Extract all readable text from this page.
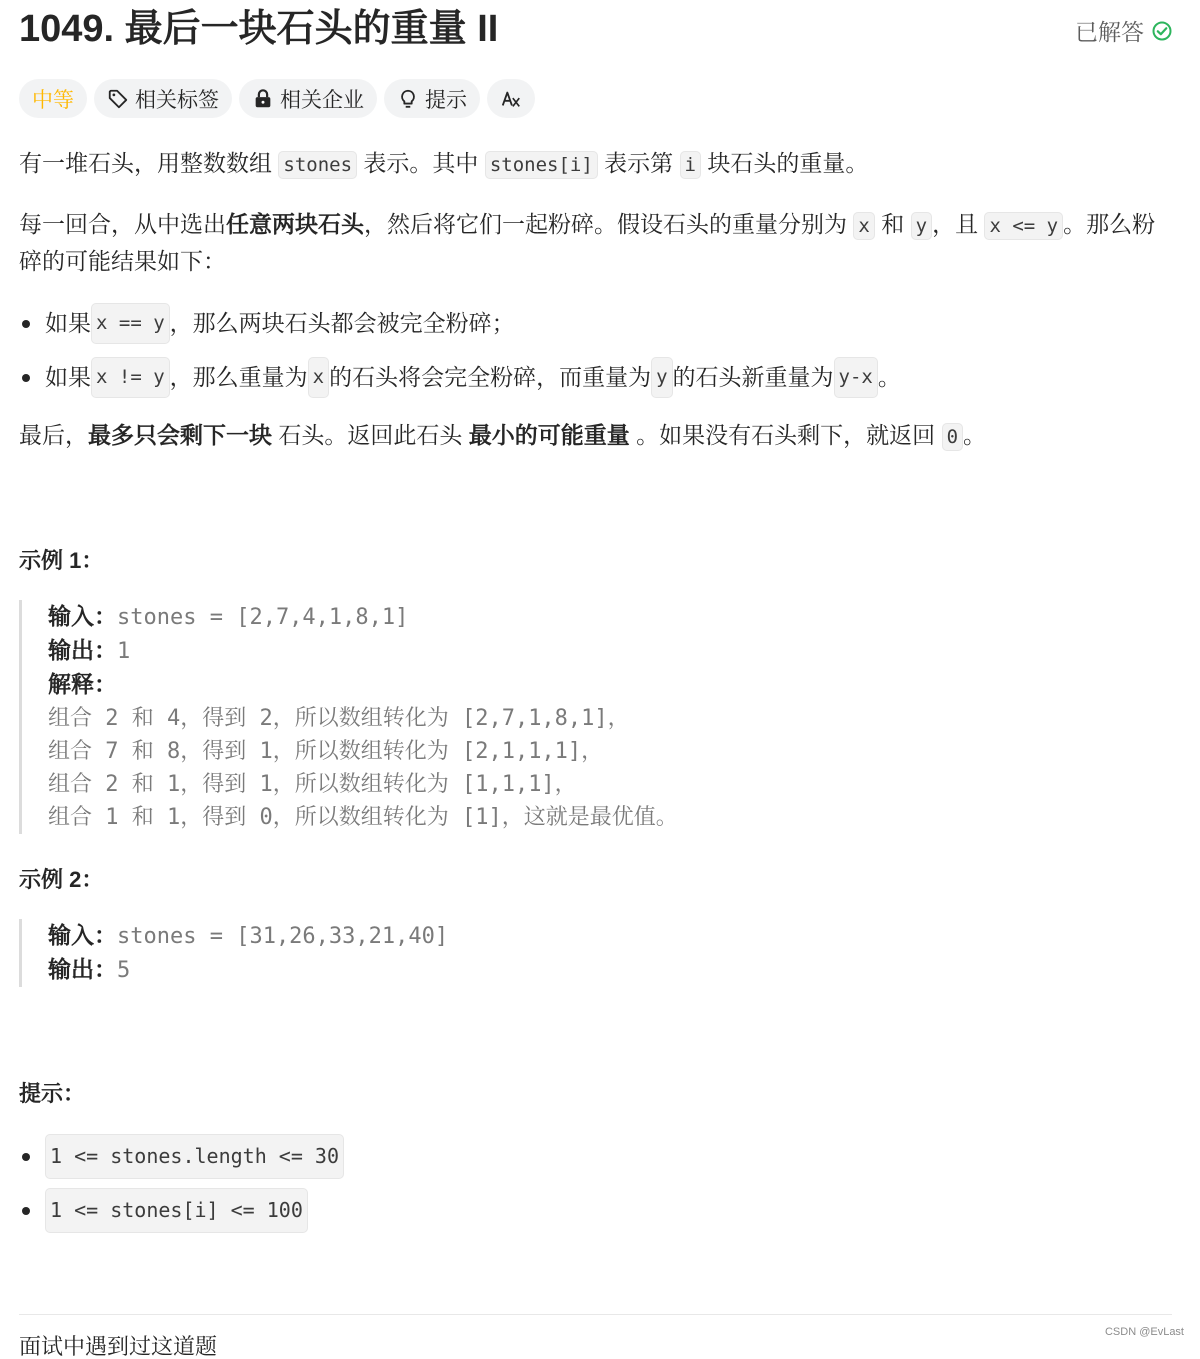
1049. 最后一块石头的重量 II	已解答
中等	相关标签	相关企业	提示
有一堆石头，用整数数组 stones 表示。其中 stones[i] 表示第 i 块石头的重量。
每一回合，从中选出任意两块石头，然后将它们一起粉碎。假设石头的重量分别为 x 和 y ，且 x <= y 。那么粉碎的可能结果如下：
如果 x == y ，那么两块石头都会被完全粉碎；
如果 x != y ，那么重量为 x 的石头将会完全粉碎，而重量为 y 的石头新重量为 y-x 。
最后，最多只会剩下一块 石头。返回此石头 最小的可能重量 。如果没有石头剩下，就返回 0 。
示例 1：
输入：stones = [2,7,4,1,8,1]
输出：1
解释：
组合 2 和 4，得到 2，所以数组转化为 [2,7,1,8,1]，
组合 7 和 8，得到 1，所以数组转化为 [2,1,1,1]，
组合 2 和 1，得到 1，所以数组转化为 [1,1,1]，
组合 1 和 1，得到 0，所以数组转化为 [1]，这就是最优值。
示例 2：
输入：stones = [31,26,33,21,40]
输出：5
提示：
1 <= stones.length <= 30
1 <= stones[i] <= 100
面试中遇到过这道题
CSDN @EvLast
